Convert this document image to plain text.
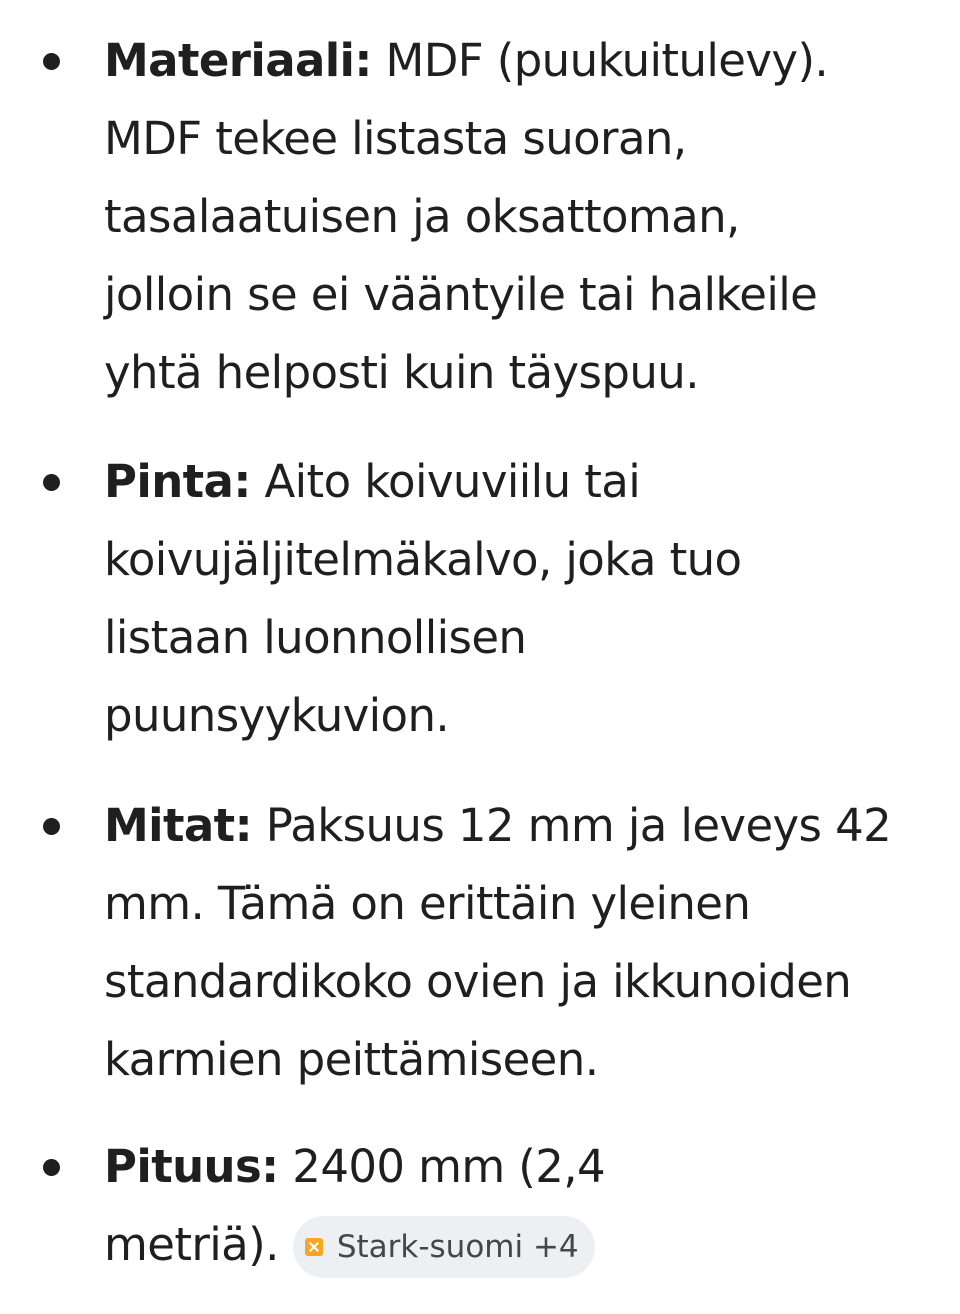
Materiaali: MDF (puukuitulevy).
MDF tekee listasta suoran,
tasalaatuisen ja oksattoman,
jolloin se ei vääntyile tai halkeile
yhtä helposti kuin täyspuu.
Pinta: Aito koivuviilu tai
koivujäljitelmäkalvo, joka tuo
listaan luonnollisen
puunsyykuvion.
Mitat: Paksuus 12 mm ja leveys 42
mm. Tämä on erittäin yleinen
standardikoko ovien ja ikkunoiden
karmien peittämiseen.
Pituus: 2400 mm (2,4
metriä). Stark-suomi +4
